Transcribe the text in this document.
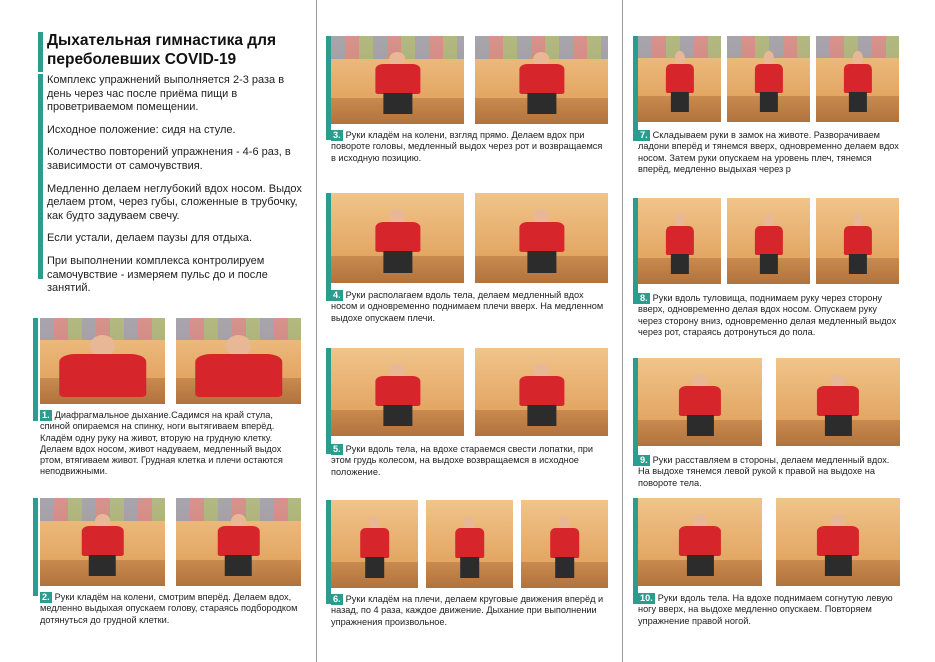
Дыхательная гимнастика для переболевших COVID-19

Комплекс упражнений выполняется 2-3 раза в день через час после приёма пищи в проветриваемом помещении.

Исходное положение: сидя на стуле.

Количество повторений упражнения - 4-6 раз, в зависимости от самочувствия.

Медленно делаем неглубокий вдох носом. Выдох делаем ртом, через губы, сложенные в трубочку, как будто задуваем свечу.

Если устали, делаем паузы для отдыха.

При выполнении комплекса контролируем самочувствие - измеряем пульс до и после занятий.

1. Диафрагмальное дыхание.Садимся на край стула, спиной опираемся на спинку, ноги вытягиваем вперёд. Кладём одну руку на живот, вторую на грудную клетку. Делаем вдох носом, живот надуваем, медленный выдох ртом, втягиваем живот. Грудная клетка и плечи остаются неподвижными.
2. Руки кладём на колени, смотрим вперёд. Делаем вдох, медленно выдыхая опускаем голову, стараясь подбородком дотянуться до грудной клетки.
3. Руки кладём на колени, взгляд прямо. Делаем вдох при повороте головы, медленный выдох через рот и возвращаемся в исходную позицию.
4. Руки располагаем вдоль тела, делаем медленный вдох носом и одновременно поднимаем плечи вверх. На медленном выдохе опускаем плечи.
5. Руки вдоль тела, на вдохе стараемся свести лопатки, при этом грудь колесом, на выдохе возвращаемся в исходное положение.
6. Руки кладём на плечи, делаем круговые движения вперёд и назад, по 4 раза, каждое движение. Дыхание при выполнении упражнения произвольное.
7. Складываем руки в замок на животе. Разворачиваем ладони вперёд и тянемся вверх, одновременно делаем вдох носом. Затем руки опускаем на уровень плеч, тянемся вперёд, медленно выдыхая через р
8. Руки вдоль туловища, поднимаем руку через сторону вверх, одновременно делая вдох носом. Опускаем руку через сторону вниз, одновременно делая медленный выдох через рот, стараясь дотронуться до пола.
9. Руки расставляем в стороны, делаем медленный вдох. На выдохе тянемся левой рукой к правой на выдохе на повороте тела.
10. Руки вдоль тела. На вдохе поднимаем согнутую левую ногу вверх, на выдохе медленно опускаем. Повторяем упражнение правой ногой.
